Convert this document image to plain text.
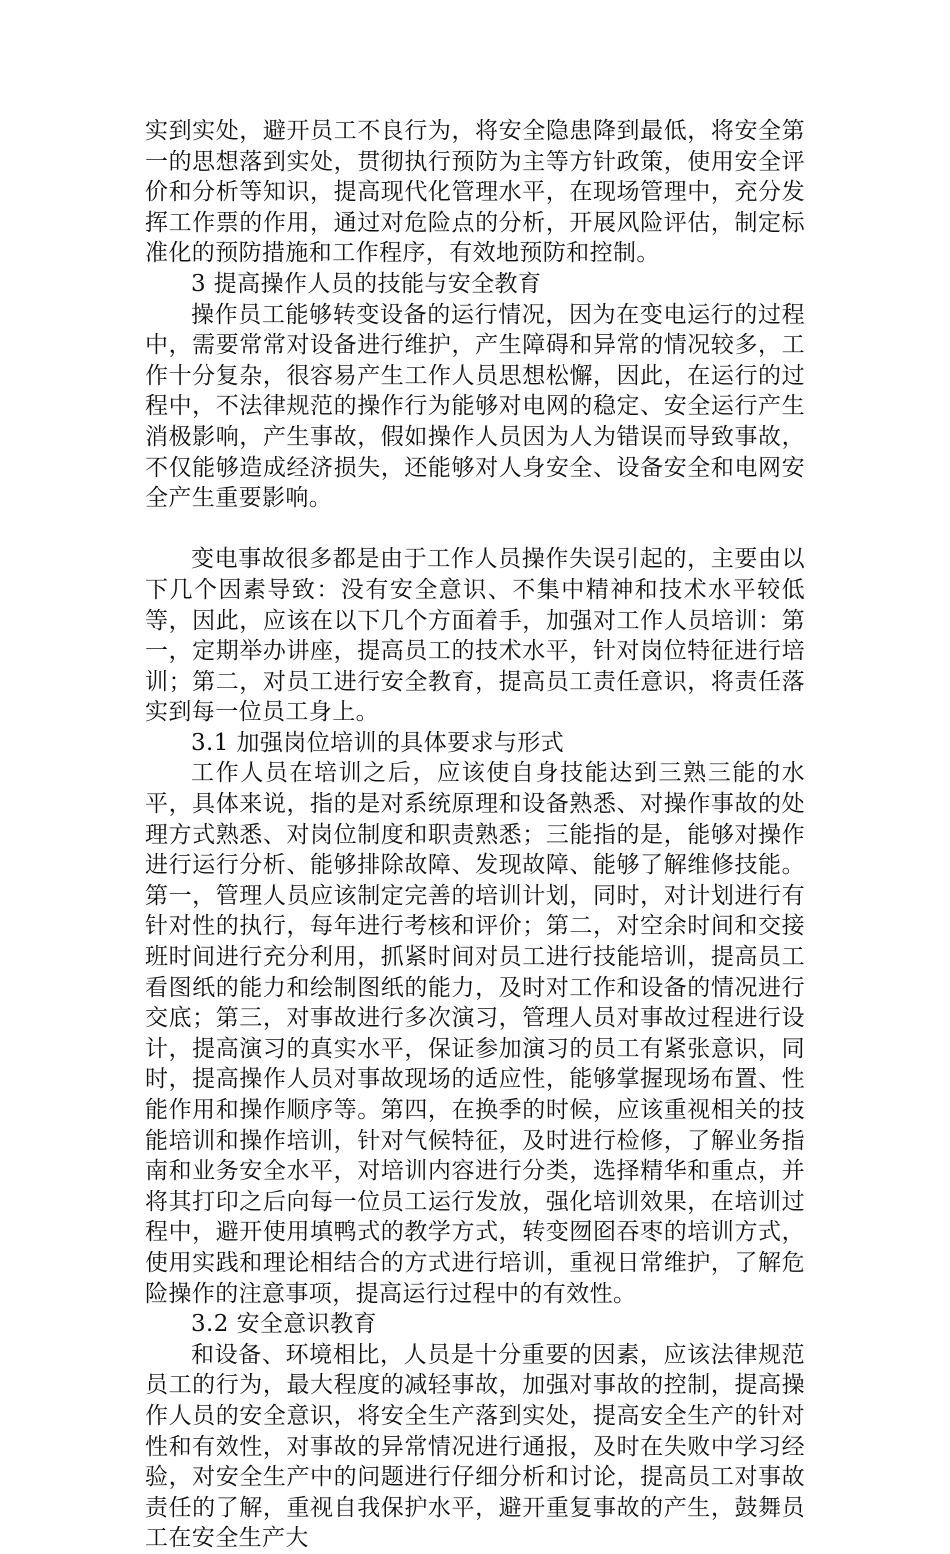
实到实处，避开员工不良行为，将安全隐患降到最低，将安全第一的思想落到实处，贯彻执行预防为主等方针政策，使用安全评价和分析等知识，提高现代化管理水平，在现场管理中，充分发挥工作票的作用，通过对危险点的分析，开展风险评估，制定标准化的预防措施和工作程序，有效地预防和控制。

3 提高操作人员的技能与安全教育

操作员工能够转变设备的运行情况，因为在变电运行的过程中，需要常常对设备进行维护，产生障碍和异常的情况较多，工作十分复杂，很容易产生工作人员思想松懈，因此，在运行的过程中，不法律规范的操作行为能够对电网的稳定、安全运行产生消极影响，产生事故，假如操作人员因为人为错误而导致事故，不仅能够造成经济损失，还能够对人身安全、设备安全和电网安全产生重要影响。

变电事故很多都是由于工作人员操作失误引起的，主要由以下几个因素导致：没有安全意识、不集中精神和技术水平较低等，因此，应该在以下几个方面着手，加强对工作人员培训：第一，定期举办讲座，提高员工的技术水平，针对岗位特征进行培训；第二，对员工进行安全教育，提高员工责任意识，将责任落实到每一位员工身上。

3.1 加强岗位培训的具体要求与形式

工作人员在培训之后，应该使自身技能达到三熟三能的水平，具体来说，指的是对系统原理和设备熟悉、对操作事故的处理方式熟悉、对岗位制度和职责熟悉；三能指的是，能够对操作进行运行分析、能够排除故障、发现故障、能够了解维修技能。第一，管理人员应该制定完善的培训计划，同时，对计划进行有针对性的执行，每年进行考核和评价；第二，对空余时间和交接班时间进行充分利用，抓紧时间对员工进行技能培训，提高员工看图纸的能力和绘制图纸的能力，及时对工作和设备的情况进行交底；第三，对事故进行多次演习，管理人员对事故过程进行设计，提高演习的真实水平，保证参加演习的员工有紧张意识，同时，提高操作人员对事故现场的适应性，能够掌握现场布置、性能作用和操作顺序等。第四，在换季的时候，应该重视相关的技能培训和操作培训，针对气候特征，及时进行检修，了解业务指南和业务安全水平，对培训内容进行分类，选择精华和重点，并将其打印之后向每一位员工运行发放，强化培训效果，在培训过程中，避开使用填鸭式的教学方式，转变囫囵吞枣的培训方式，使用实践和理论相结合的方式进行培训，重视日常维护，了解危险操作的注意事项，提高运行过程中的有效性。

3.2 安全意识教育

和设备、环境相比，人员是十分重要的因素，应该法律规范员工的行为，最大程度的减轻事故，加强对事故的控制，提高操作人员的安全意识，将安全生产落到实处，提高安全生产的针对性和有效性，对事故的异常情况进行通报，及时在失败中学习经验，对安全生产中的问题进行仔细分析和讨论，提高员工对事故责任的了解，重视自我保护水平，避开重复事故的产生，鼓舞员工在安全生产大
